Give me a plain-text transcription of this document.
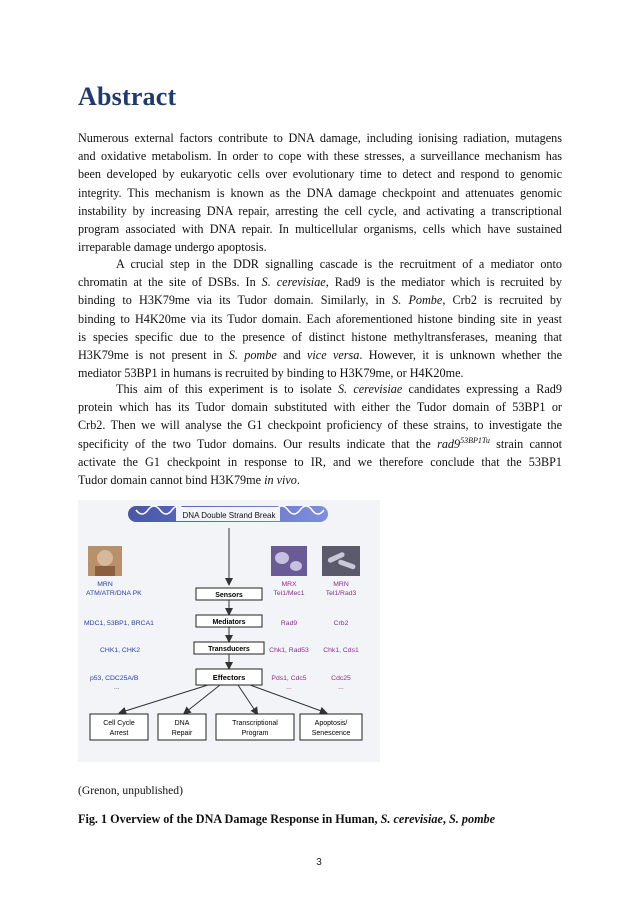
Abstract
Numerous external factors contribute to DNA damage, including ionising radiation, mutagens
and oxidative metabolism. In order to cope with these stresses, a surveillance mechanism has
been developed by eukaryotic cells over evolutionary time to detect and respond to genomic
integrity. This mechanism is known as the DNA damage checkpoint and attenuates genomic
instability by increasing DNA repair, arresting the cell cycle, and activating a transcriptional
program associated with DNA repair. In multicellular organisms, cells which have sustained
irreparable damage undergo apoptosis.
A crucial step in the DDR signalling cascade is the recruitment of a mediator onto
chromatin at the site of DSBs. In S. cerevisiae, Rad9 is the mediator which is recruited by
binding to H3K79me via its Tudor domain. Similarly, in S. Pombe, Crb2 is recruited by
binding to H4K20me via its Tudor domain. Each aforementioned histone binding site in yeast
is species specific due to the presence of distinct histone methyltransferases, meaning that
H3K79me is not present in S. pombe and vice versa. However, it is unknown whether the
mediator 53BP1 in humans is recruited by binding to H3K79me, or H4K20me.
This aim of this experiment is to isolate S. cerevisiae candidates expressing a Rad9
protein which has its Tudor domain substituted with either the Tudor domain of 53BP1 or
Crb2. Then we will analyse the G1 checkpoint proficiency of these strains, to investigate the
specificity of the two Tudor domains. Our results indicate that the $rad9^{53BP1Tu}$ strain cannot
activate the G1 checkpoint in response to IR, and we therefore conclude that the 53BP1
Tudor domain cannot bind H3K79me in vivo.
DNA Double Strand Break
Sensors
Mediators
Transducers
Effectors
Cell Cycle
Arrest
DNA
Repair
Transcriptional
Program
Apoptosis/
Senescence
MRN
ATM/ATR/DNA PK
MDC1, 53BP1, BRCA1
CHK1, CHK2
p53, CDC25A/B
...
MRX
Tel1/Mec1
Rad9
Chk1, Rad53
Pds1, Cdc5
...
MRN
Tel1/Rad3
Crb2
Chk1, Cds1
Cdc25
...
(Grenon, unpublished)
Fig. 1 Overview of the DNA Damage Response in Human, S. cerevisiae, S. pombe
3
